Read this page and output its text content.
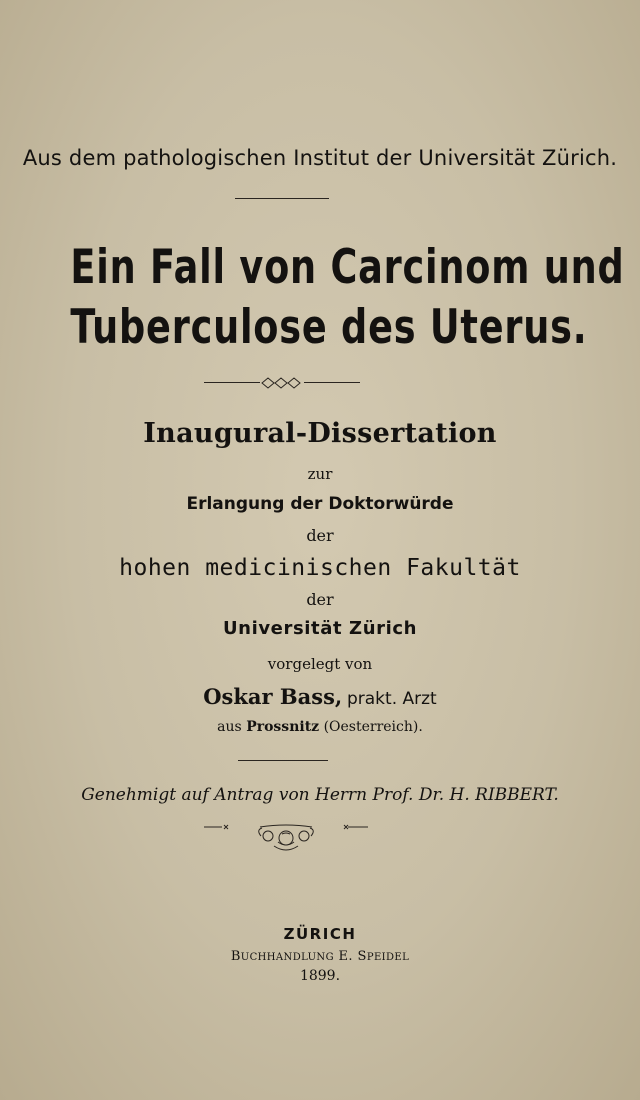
Aus dem pathologischen Institut der Universität Zürich.
Ein Fall von Carcinom und
Tuberculose des Uterus.
Inaugural-Dissertation
zur
Erlangung der Doktorwürde
der
hohen medicinischen Fakultät
der
Universität Zürich
vorgelegt von
Oskar Bass, prakt. Arzt
aus Prossnitz (Oesterreich).
Genehmigt auf Antrag von Herrn Prof. Dr. H. RIBBERT.
ZÜRICH
BUCHHANDLUNG E. SPEIDEL
1899.
